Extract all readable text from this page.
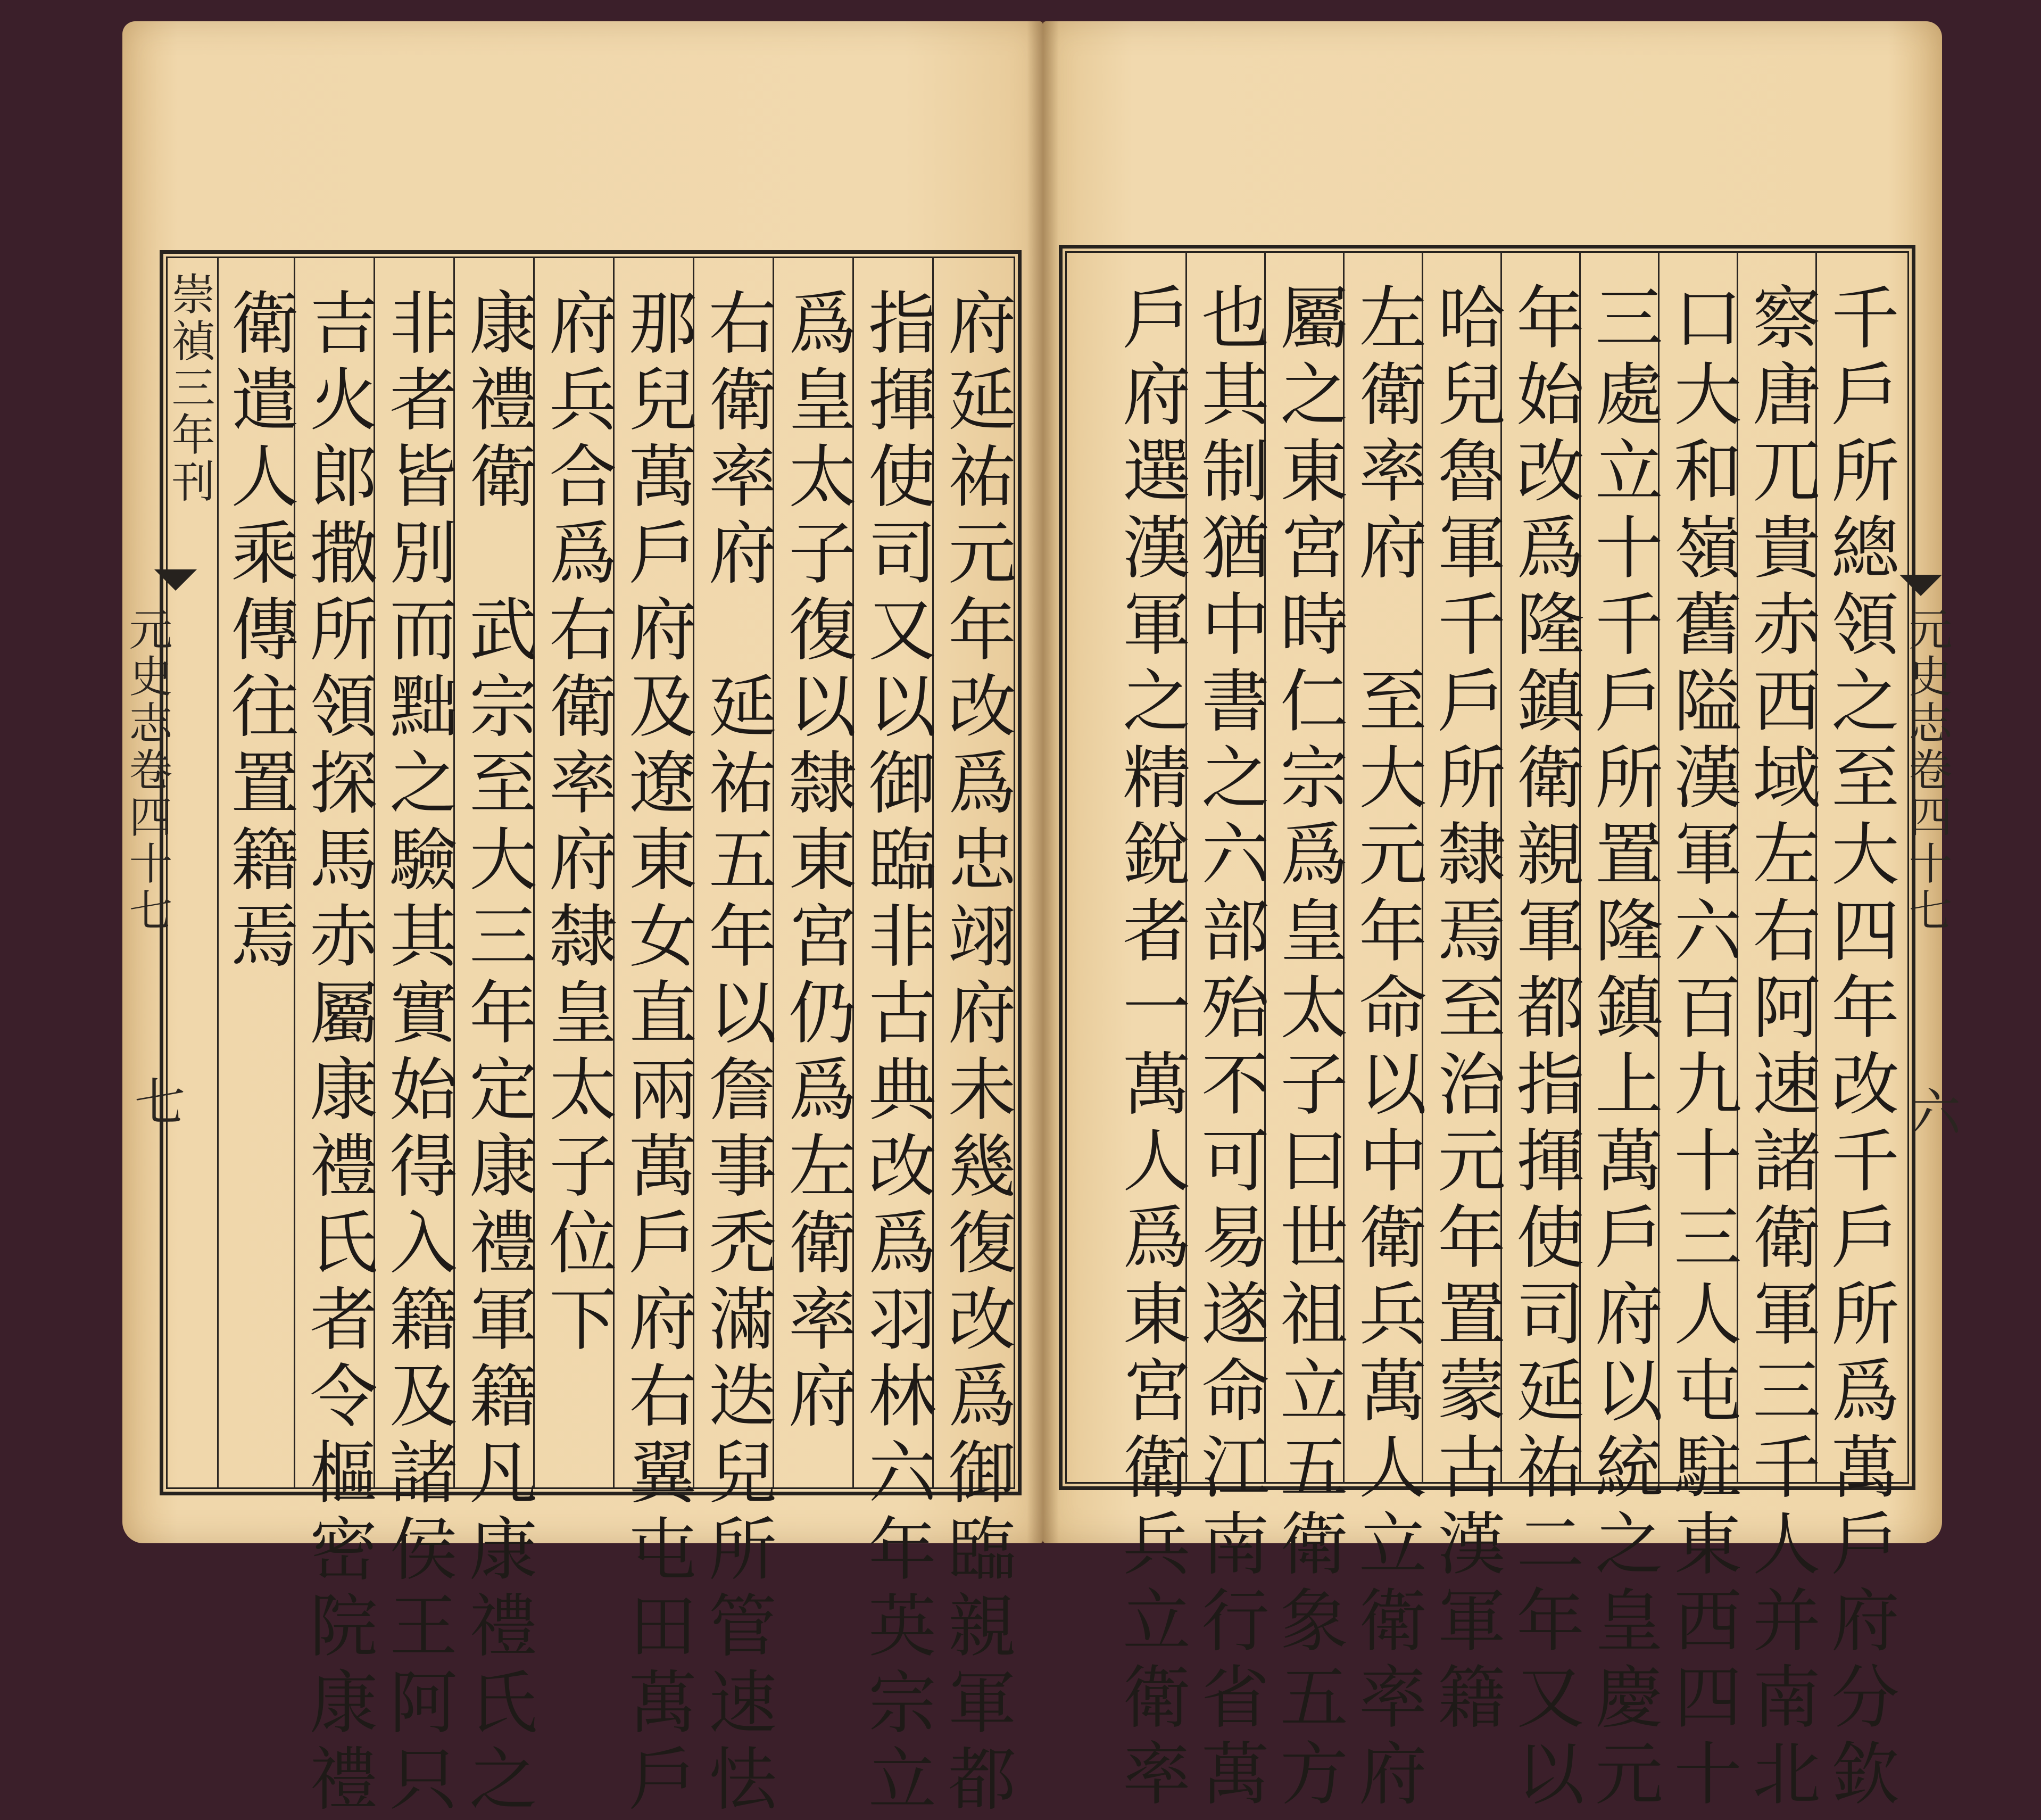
崇禎三年刊
元史志卷四十七
七	府延祐元年改爲忠翊府未幾復改爲御臨親軍都
指揮使司又以御臨非古典改爲羽林六年英宗立
爲皇太子復以隸東宮仍爲左衛率府
右衛率府　延祐五年以詹事禿滿迭兒所管速怯
那兒萬戶府及遼東女直兩萬戶府右翼屯田萬戶
府兵合爲右衛率府隸皇太子位下
康禮衛　武宗至大三年定康禮軍籍凡康禮氏之
非者皆別而黜之驗其實始得入籍及諸侯王阿只
吉火郎撒所領探馬赤屬康禮氏者令樞密院康禮
衛遣人乘傳往置籍焉	千戶所總領之至大四年改千戶所爲萬戶府分欽
察唐兀貴赤西域左右阿速諸衛軍三千人并南北
口大和嶺舊隘漢軍六百九十三人屯駐東西四十
三處立十千戶所置隆鎮上萬戶府以統之皇慶元
年始改爲隆鎮衛親軍都指揮使司延祐二年又以
哈兒魯軍千戶所隸焉至治元年置蒙古漢軍籍
左衛率府　至大元年命以中衛兵萬人立衛率府
屬之東宮時仁宗爲皇太子曰世祖立五衛象五方
也其制猶中書之六部殆不可易遂命江南行省萬
戶府選漢軍之精銳者一萬人爲東宮衛兵立衛率	元史志卷四十七
六
